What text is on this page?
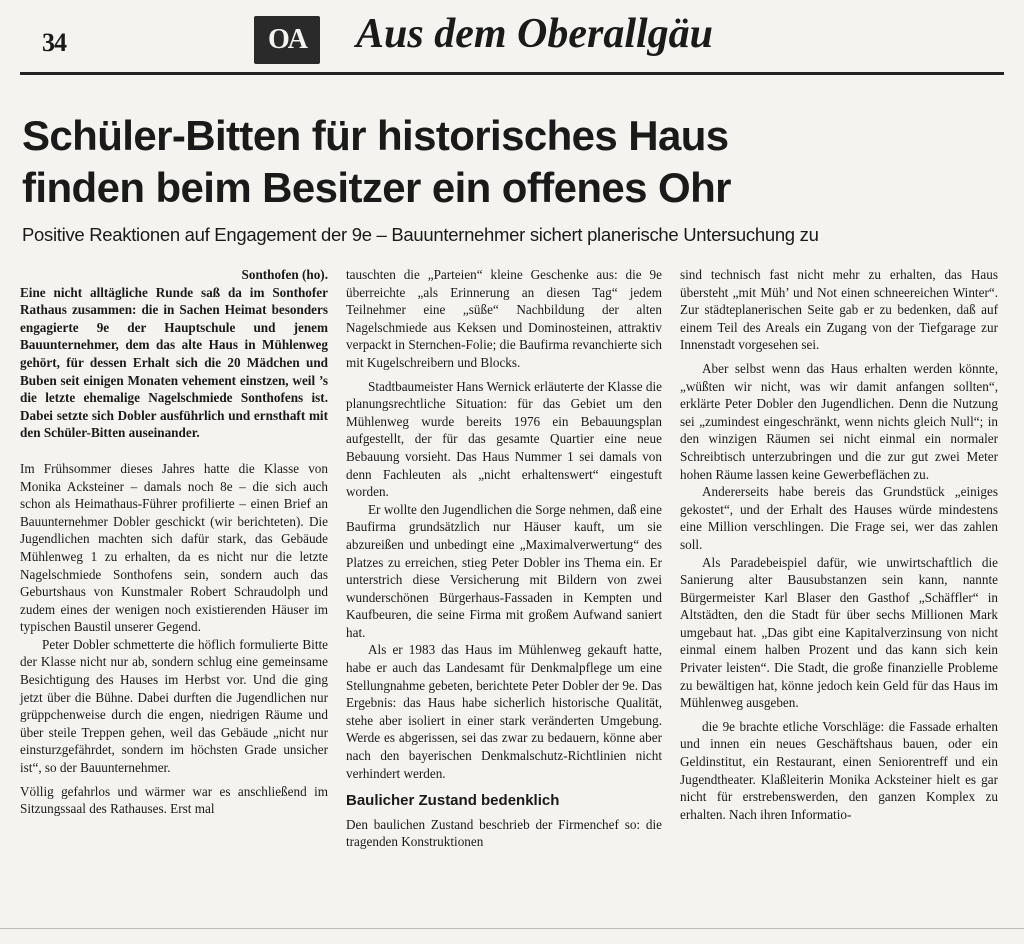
34	OA	Aus dem Oberallgäu
Schüler-Bitten für historisches Haus
finden beim Besitzer ein offenes Ohr
Positive Reaktionen auf Engagement der 9e – Bauunternehmer sichert planerische Untersuchung zu

Sonthofen (ho).

Eine nicht alltägliche Runde saß da im Sonthofer Rathaus zusammen: die in Sachen Heimat besonders engagierte 9e der Hauptschule und jenem Bauunternehmer, dem das alte Haus in Mühlenweg gehört, für dessen Erhalt sich die 20 Mädchen und Buben seit einigen Monaten vehement einstzen, weil ’s die letzte ehemalige Nagelschmiede Sonthofens ist. Dabei setzte sich Dobler ausführlich und ernsthaft mit den Schüler-Bitten auseinander.

Im Frühsommer dieses Jahres hatte die Klasse von Monika Acksteiner – damals noch 8e – die sich auch schon als Heimathaus-Führer profilierte – einen Brief an Bauunternehmer Dobler geschickt (wir berichteten). Die Jugendlichen machten sich dafür stark, das Gebäude Mühlenweg 1 zu erhalten, da es nicht nur die letzte Nagelschmiede Sonthofens sein, sondern auch das Geburtshaus von Kunstmaler Robert Schraudolph und zudem eines der wenigen noch existierenden Häuser im typischen Baustil unserer Gegend.

Peter Dobler schmetterte die höflich formulierte Bitte der Klasse nicht nur ab, sondern schlug eine gemeinsame Besichtigung des Hauses im Herbst vor. Und die ging jetzt über die Bühne. Dabei durften die Jugendlichen nur grüppchenweise durch die engen, niedrigen Räume und über steile Treppen gehen, weil das Gebäude „nicht nur einsturzgefährdet, sondern im höchsten Grade unsicher ist“, so der Bauunternehmer.

Völlig gefahrlos und wärmer war es anschließend im Sitzungssaal des Rathauses. Erst mal

tauschten die „Parteien“ kleine Geschenke aus: die 9e überreichte „als Erinnerung an diesen Tag“ jedem Teilnehmer eine „süße“ Nachbildung der alten Nagelschmiede aus Keksen und Dominosteinen, attraktiv verpackt in Sternchen-Folie; die Baufirma revanchierte sich mit Kugelschreibern und Blocks.

Stadtbaumeister Hans Wernick erläuterte der Klasse die planungsrechtliche Situation: für das Gebiet um den Mühlenweg wurde bereits 1976 ein Bebauungsplan aufgestellt, der für das gesamte Quartier eine neue Bebauung vorsieht. Das Haus Nummer 1 sei damals von denn Fachleuten als „nicht erhaltenswert“ eingestuft worden.

Er wollte den Jugendlichen die Sorge nehmen, daß eine Baufirma grundsätzlich nur Häuser kauft, um sie abzureißen und unbedingt eine „Maximalverwertung“ des Platzes zu erreichen, stieg Peter Dobler ins Thema ein. Er unterstrich diese Versicherung mit Bildern von zwei wunderschönen Bürgerhaus-Fassaden in Kempten und Kaufbeuren, die seine Firma mit großem Aufwand saniert hat.

Als er 1983 das Haus im Mühlenweg gekauft hatte, habe er auch das Landesamt für Denkmalpflege um eine Stellungnahme gebeten, berichtete Peter Dobler der 9e. Das Ergebnis: das Haus habe sicherlich historische Qualität, stehe aber isoliert in einer stark veränderten Umgebung. Werde es abgerissen, sei das zwar zu bedauern, könne aber nach den bayerischen Denkmalschutz-Richtlinien nicht verhindert werden.

Baulicher Zustand bedenklich

Den baulichen Zustand beschrieb der Firmenchef so: die tragenden Konstruktionen

sind technisch fast nicht mehr zu erhalten, das Haus übersteht „mit Müh’ und Not einen schneereichen Winter“. Zur städteplanerischen Seite gab er zu bedenken, daß auf einem Teil des Areals ein Zugang von der Tiefgarage zur Innenstadt vorgesehen sei.

Aber selbst wenn das Haus erhalten werden könnte, „wüßten wir nicht, was wir damit anfangen sollten“, erklärte Peter Dobler den Jugendlichen. Denn die Nutzung sei „zumindest eingeschränkt, wenn nichts gleich Null“; in den winzigen Räumen sei nicht einmal ein normaler Schreibtisch unterzubringen und die zur gut zwei Meter hohen Räume lassen keine Gewerbeflächen zu.

Andererseits habe bereis das Grundstück „einiges gekostet“, und der Erhalt des Hauses würde mindestens eine Million verschlingen. Die Frage sei, wer das zahlen soll.

Als Paradebeispiel dafür, wie unwirtschaftlich die Sanierung alter Bausubstanzen sein kann, nannte Bürgermeister Karl Blaser den Gasthof „Schäffler“ in Altstädten, den die Stadt für über sechs Millionen Mark umgebaut hat. „Das gibt eine Kapitalverzinsung von nicht einmal einem halben Prozent und das kann sich kein Privater leisten“. Die Stadt, die große finanzielle Probleme zu bewältigen hat, könne jedoch kein Geld für das Haus im Mühlenweg ausgeben.

die 9e brachte etliche Vorschläge: die Fassade erhalten und innen ein neues Geschäftshaus bauen, oder ein Geldinstitut, ein Restaurant, einen Seniorentreff und ein Jugendtheater. Klaßleiterin Monika Acksteiner hielt es gar nicht für erstrebenswerden, den ganzen Komplex zu erhalten. Nach ihren Informatio-
